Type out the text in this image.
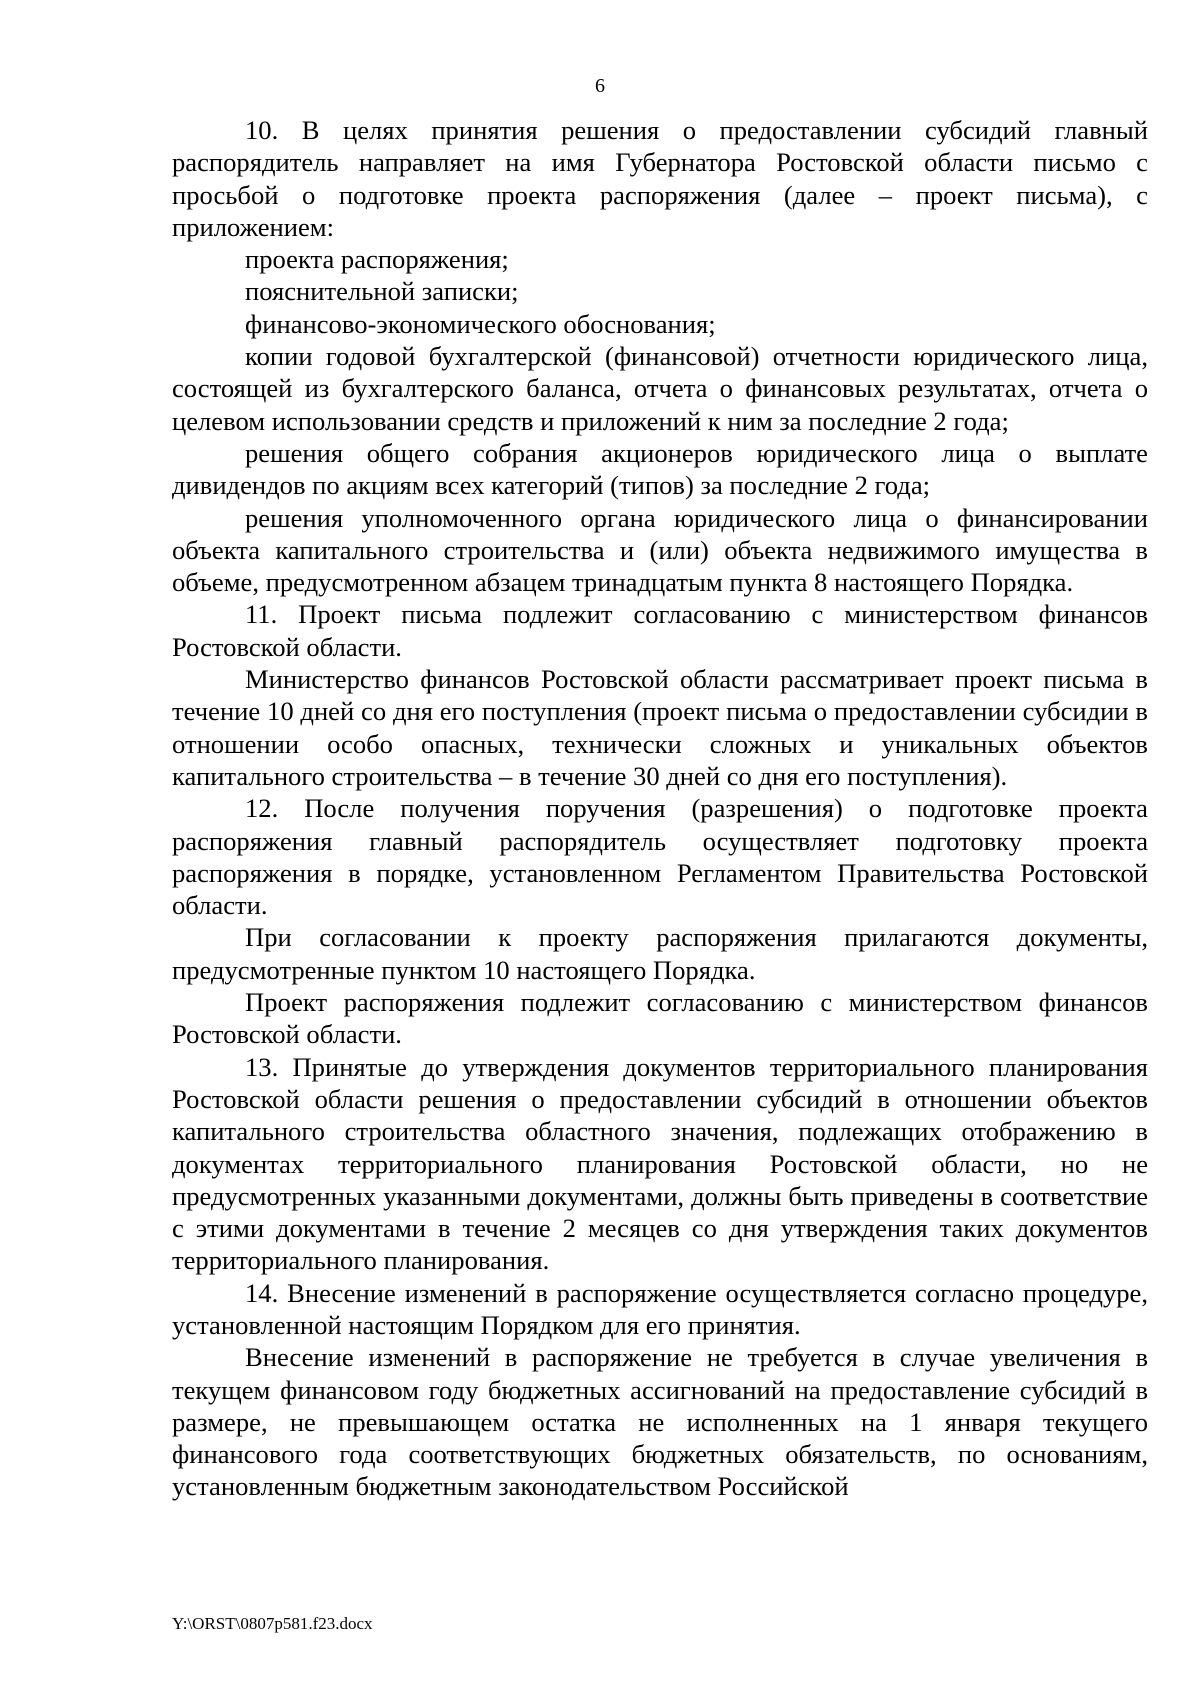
6

10. В целях принятия решения о предоставлении субсидий главный распорядитель направляет на имя Губернатора Ростовской области письмо с просьбой о подготовке проекта распоряжения (далее – проект письма), с приложением:

проекта распоряжения;

пояснительной записки;

финансово-экономического обоснования;

копии годовой бухгалтерской (финансовой) отчетности юридического лица, состоящей из бухгалтерского баланса, отчета о финансовых результатах, отчета о целевом использовании средств и приложений к ним за последние 2 года;

решения общего собрания акционеров юридического лица о выплате дивидендов по акциям всех категорий (типов) за последние 2 года;

решения уполномоченного органа юридического лица о финансировании объекта капитального строительства и (или) объекта недвижимого имущества в объеме, предусмотренном абзацем тринадцатым пункта 8 настоящего Порядка.

11. Проект письма подлежит согласованию с министерством финансов Ростовской области.

Министерство финансов Ростовской области рассматривает проект письма в течение 10 дней со дня его поступления (проект письма о предоставлении субсидии в отношении особо опасных, технически сложных и уникальных объектов капитального строительства – в течение 30 дней со дня его поступления).

12. После получения поручения (разрешения) о подготовке проекта распоряжения главный распорядитель осуществляет подготовку проекта распоряжения в порядке, установленном Регламентом Правительства Ростовской области.

При согласовании к проекту распоряжения прилагаются документы, предусмотренные пунктом 10 настоящего Порядка.

Проект распоряжения подлежит согласованию с министерством финансов Ростовской области.

13. Принятые до утверждения документов территориального планирования Ростовской области решения о предоставлении субсидий в отношении объектов капитального строительства областного значения, подлежащих отображению в документах территориального планирования Ростовской области, но не предусмотренных указанными документами, должны быть приведены в соответствие с этими документами в течение 2 месяцев со дня утверждения таких документов территориального планирования.

14. Внесение изменений в распоряжение осуществляется согласно процедуре, установленной настоящим Порядком для его принятия.

Внесение изменений в распоряжение не требуется в случае увеличения в текущем финансовом году бюджетных ассигнований на предоставление субсидий в размере, не превышающем остатка не исполненных на 1 января текущего финансового года соответствующих бюджетных обязательств, по основаниям, установленным бюджетным законодательством Российской

Y:\ORST\0807p581.f23.docx
